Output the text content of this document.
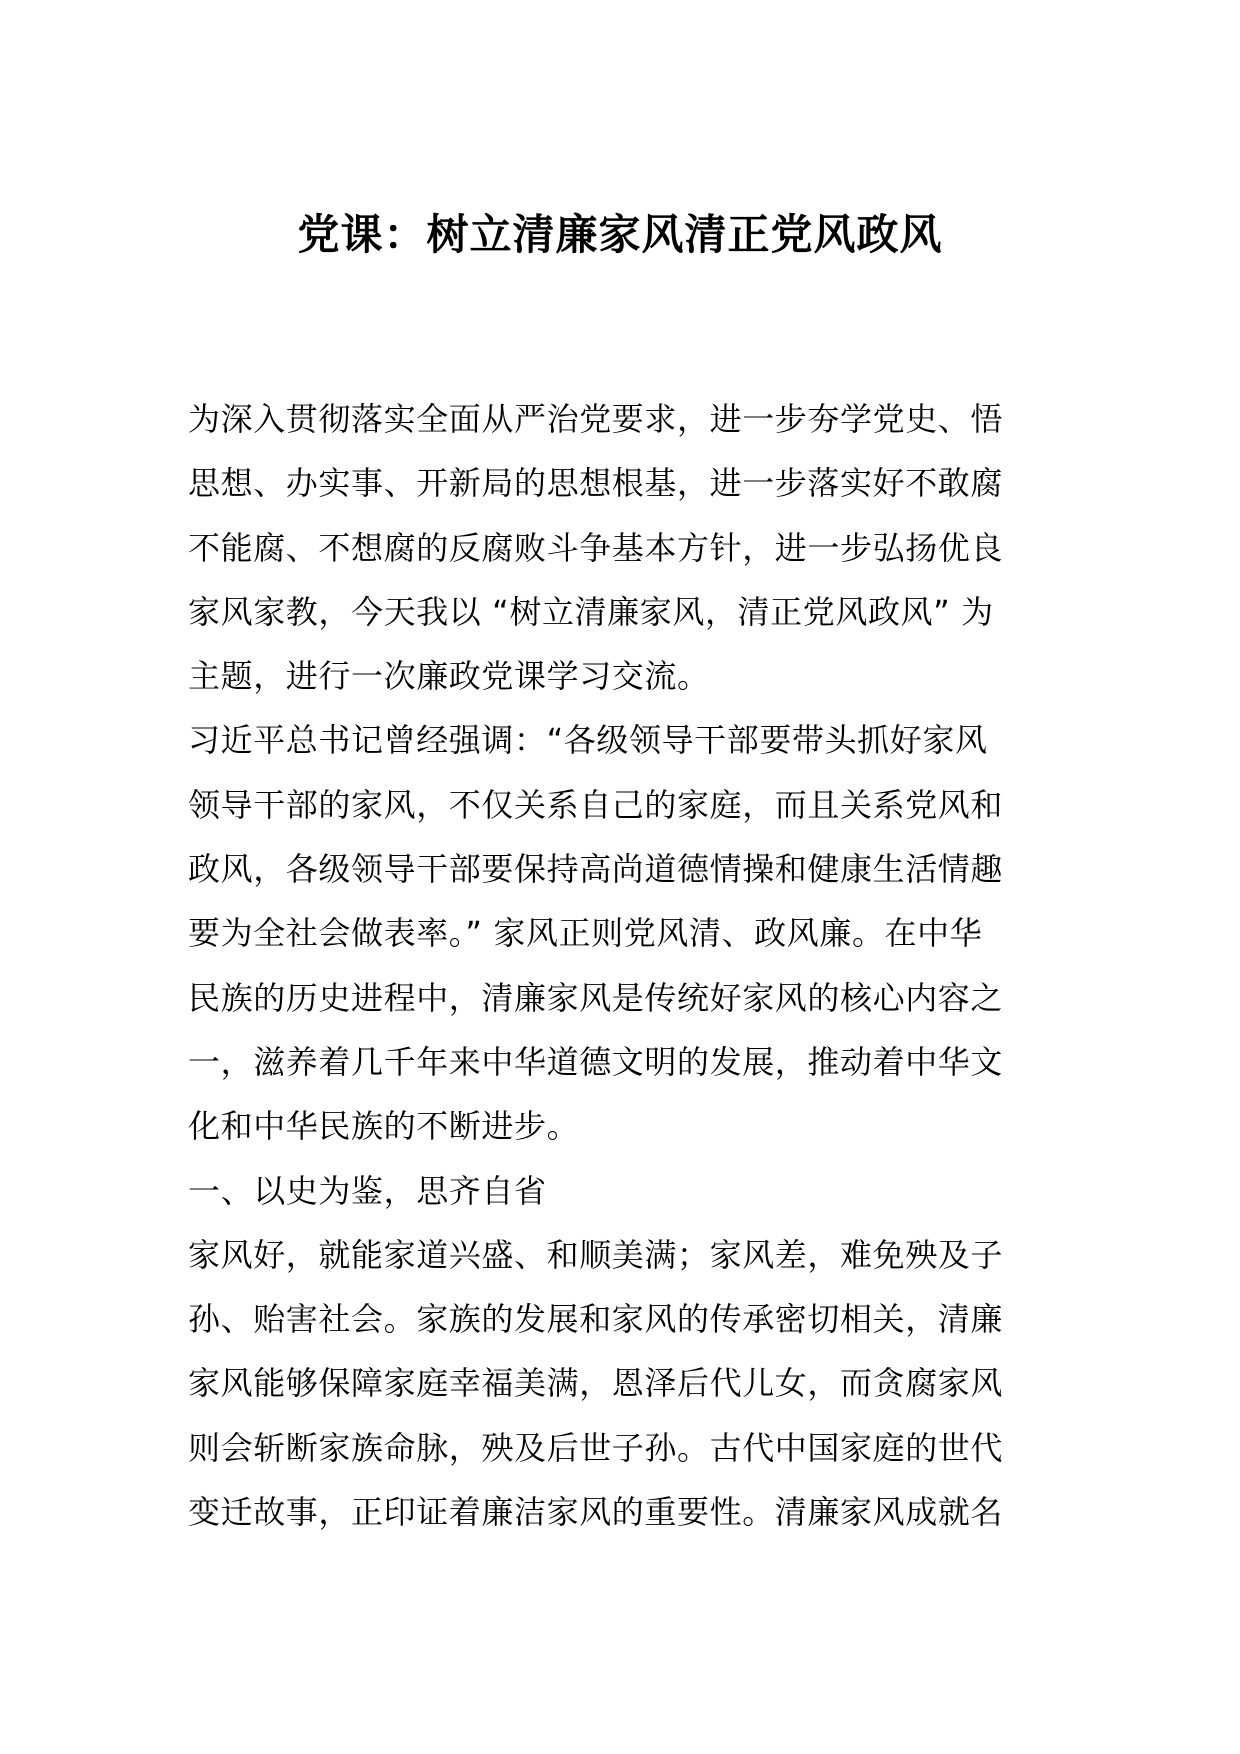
党课：树立清廉家风清正党风政风
为深入贯彻落实全面从严治党要求，进一步夯学党史、悟
思想、办实事、开新局的思想根基，进一步落实好不敢腐
不能腐、不想腐的反腐败斗争基本方针，进一步弘扬优良
家风家教，今天我以 “树立清廉家风，清正党风政风” 为
主题，进行一次廉政党课学习交流。
习近平总书记曾经强调：“各级领导干部要带头抓好家风
领导干部的家风，不仅关系自己的家庭，而且关系党风和
政风，各级领导干部要保持高尚道德情操和健康生活情趣
要为全社会做表率。” 家风正则党风清、政风廉。在中华
民族的历史进程中，清廉家风是传统好家风的核心内容之
一，滋养着几千年来中华道德文明的发展，推动着中华文
化和中华民族的不断进步。
一、以史为鉴，思齐自省
家风好，就能家道兴盛、和顺美满；家风差，难免殃及子
孙、贻害社会。家族的发展和家风的传承密切相关，清廉
家风能够保障家庭幸福美满，恩泽后代儿女，而贪腐家风
则会斩断家族命脉，殃及后世子孙。古代中国家庭的世代
变迁故事，正印证着廉洁家风的重要性。清廉家风成就名
